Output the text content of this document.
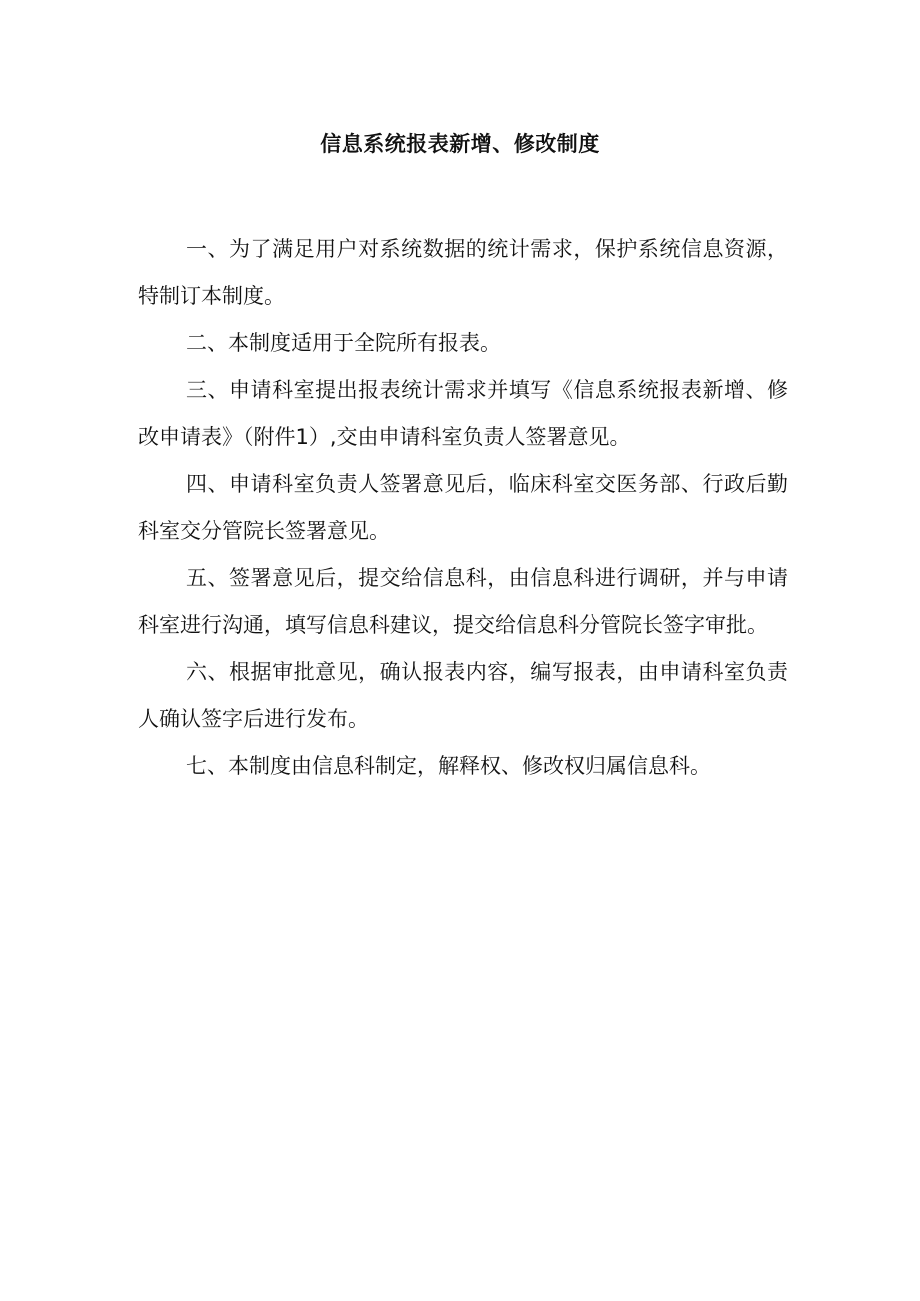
信息系统报表新增、修改制度

一、为了满足用户对系统数据的统计需求，保护系统信息资源，特制订本制度。

二、本制度适用于全院所有报表。

三、申请科室提出报表统计需求并填写《信息系统报表新增、修改申请表》（附件1）,交由申请科室负责人签署意见。

四、申请科室负责人签署意见后，临床科室交医务部、行政后勤科室交分管院长签署意见。

五、签署意见后，提交给信息科，由信息科进行调研，并与申请科室进行沟通，填写信息科建议，提交给信息科分管院长签字审批。

六、根据审批意见，确认报表内容，编写报表，由申请科室负责人确认签字后进行发布。

七、本制度由信息科制定，解释权、修改权归属信息科。
